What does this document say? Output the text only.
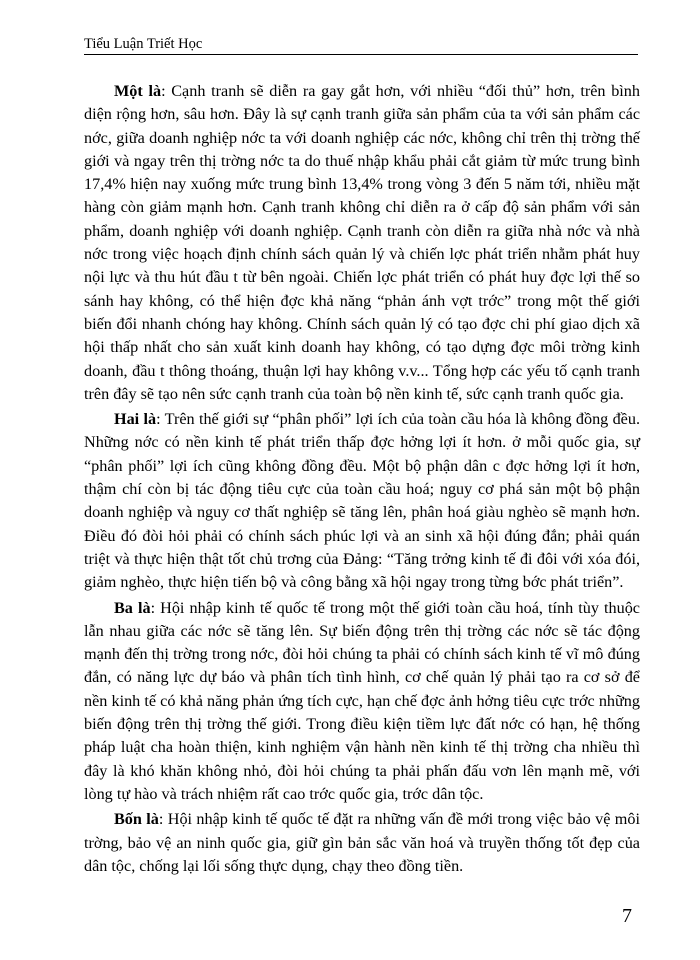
Tiểu Luận Triết Học

Một là: Cạnh tranh sẽ diễn ra gay gắt hơn, với nhiều “đối thủ” hơn, trên bình diện rộng hơn, sâu hơn. Đây là sự cạnh tranh giữa sản phẩm của ta với sản phẩm các nớc, giữa doanh nghiệp nớc ta với doanh nghiệp các nớc, không chỉ trên thị trờng thế giới và ngay trên thị trờng nớc ta do thuế nhập khẩu phải cắt giảm từ mức trung bình 17,4% hiện nay xuống mức trung bình 13,4% trong vòng 3 đến 5 năm tới, nhiều mặt hàng còn giảm mạnh hơn. Cạnh tranh không chỉ diễn ra ở cấp độ sản phẩm với sản phẩm, doanh nghiệp với doanh nghiệp. Cạnh tranh còn diễn ra giữa nhà nớc và nhà nớc trong việc hoạch định chính sách quản lý và chiến lợc phát triển nhằm phát huy nội lực và thu hút đầu t từ bên ngoài. Chiến lợc phát triển có phát huy đợc lợi thế so sánh hay không, có thể hiện đợc khả năng “phản ánh vợt trớc” trong một thế giới biến đổi nhanh chóng hay không. Chính sách quản lý có tạo đợc chi phí giao dịch xã hội thấp nhất cho sản xuất kinh doanh hay không, có tạo dựng đợc môi trờng kinh doanh, đầu t thông thoáng, thuận lợi hay không v.v... Tổng hợp các yếu tố cạnh tranh trên đây sẽ tạo nên sức cạnh tranh của toàn bộ nền kinh tế, sức cạnh tranh quốc gia.

Hai là: Trên thế giới sự “phân phối” lợi ích của toàn cầu hóa là không đồng đều. Những nớc có nền kinh tế phát triển thấp đợc hởng lợi ít hơn. ở mỗi quốc gia, sự “phân phối” lợi ích cũng không đồng đều. Một bộ phận dân c đợc hởng lợi ít hơn, thậm chí còn bị tác động tiêu cực của toàn cầu hoá; nguy cơ phá sản một bộ phận doanh nghiệp và nguy cơ thất nghiệp sẽ tăng lên, phân hoá giàu nghèo sẽ mạnh hơn. Điều đó đòi hỏi phải có chính sách phúc lợi và an sinh xã hội đúng đắn; phải quán triệt và thực hiện thật tốt chủ trơng của Đảng: “Tăng trởng kinh tế đi đôi với xóa đói, giảm nghèo, thực hiện tiến bộ và công bằng xã hội ngay trong từng bớc phát triển”.

Ba là: Hội nhập kinh tế quốc tế trong một thế giới toàn cầu hoá, tính tùy thuộc lẫn nhau giữa các nớc sẽ tăng lên. Sự biến động trên thị trờng các nớc sẽ tác động mạnh đến thị trờng trong nớc, đòi hỏi chúng ta phải có chính sách kinh tế vĩ mô đúng đắn, có năng lực dự báo và phân tích tình hình, cơ chế quản lý phải tạo ra cơ sở để nền kinh tế có khả năng phản ứng tích cực, hạn chế đợc ảnh hởng tiêu cực trớc những biến động trên thị trờng thế giới. Trong điều kiện tiềm lực đất nớc có hạn, hệ thống pháp luật cha hoàn thiện, kinh nghiệm vận hành nền kinh tế thị trờng cha nhiều thì đây là khó khăn không nhỏ, đòi hỏi chúng ta phải phấn đấu vơn lên mạnh mẽ, với lòng tự hào và trách nhiệm rất cao trớc quốc gia, trớc dân tộc.

Bốn là: Hội nhập kinh tế quốc tế đặt ra những vấn đề mới trong việc bảo vệ môi trờng, bảo vệ an ninh quốc gia, giữ gìn bản sắc văn hoá và truyền thống tốt đẹp của dân tộc, chống lại lối sống thực dụng, chạy theo đồng tiền.

7
